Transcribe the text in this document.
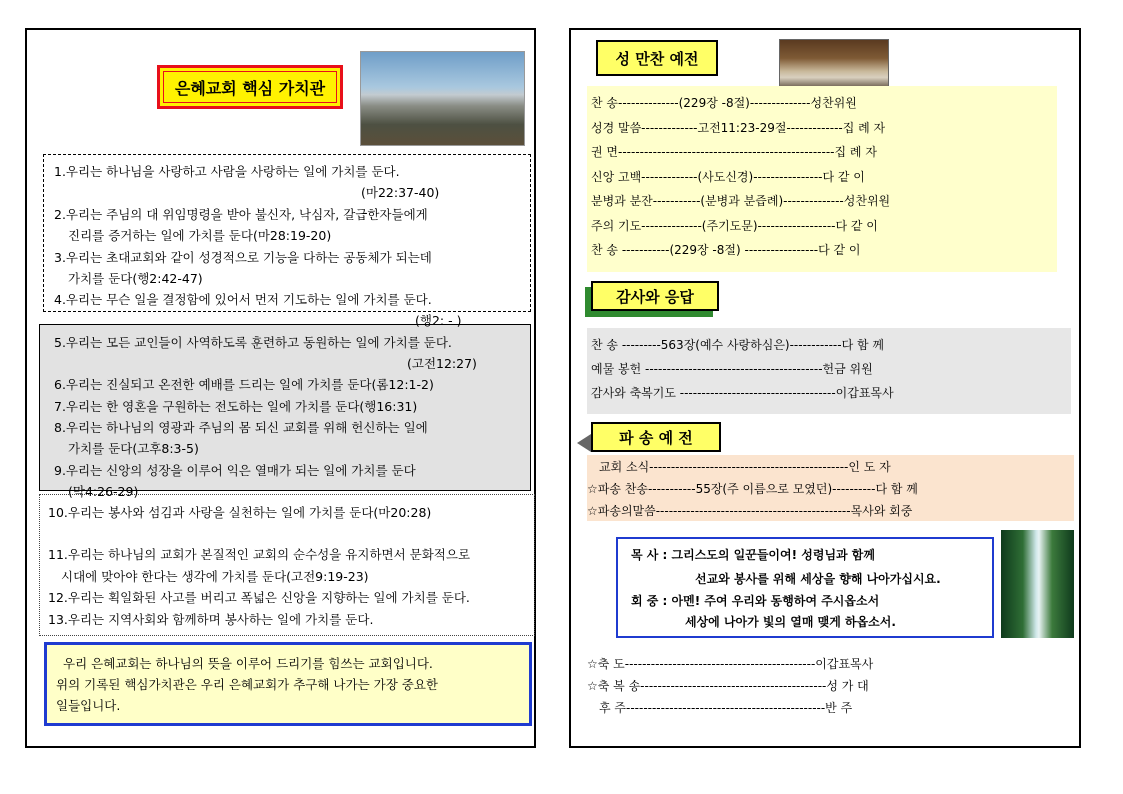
은혜교회 핵심 가치관
1.우리는 하나님을 사랑하고 사람을 사랑하는 일에 가치를 둔다.
(마22:37-40)
2.우리는 주님의 대 위임명령을 받아 불신자, 낙심자, 갈급한자들에게
진리를 증거하는 일에 가치를 둔다(마28:19-20)
3.우리는 초대교회와 같이 성경적으로 기능을 다하는 공동체가 되는데
가치를 둔다(행2:42-47)
4.우리는 무슨 일을 결정함에 있어서 먼저 기도하는 일에 가치를 둔다.
(행2: - )
5.우리는 모든 교인들이 사역하도록 훈련하고 동원하는 일에 가치를 둔다.
(고전12:27)
6.우리는 진실되고 온전한 예배를 드리는 일에 가치를 둔다(롬12:1-2)
7.우리는 한 영혼을 구원하는 전도하는 일에 가치를 둔다(행16:31)
8.우리는 하나님의 영광과 주님의 몸 되신 교회를 위해 헌신하는 일에
가치를 둔다(고후8:3-5)
9.우리는 신앙의 성장을 이루어 익은 열매가 되는 일에 가치를 둔다
(막4:26-29)
10.우리는 봉사와 섬김과 사랑을 실천하는 일에 가치를 둔다(마20:28)
11.우리는 하나님의 교회가 본질적인 교회의 순수성을 유지하면서 문화적으로
시대에 맞아야 한다는 생각에 가치를 둔다(고전9:19-23)
12.우리는 획일화된 사고를 버리고 폭넓은 신앙을 지향하는 일에 가치를 둔다.
13.우리는 지역사회와 함께하며 봉사하는 일에 가치를 둔다.
우리 은혜교회는 하나님의 뜻을 이루어 드리기를 힘쓰는 교회입니다.
위의 기록된 핵심가치관은 우리 은혜교회가 추구해 나가는 가장 중요한
일들입니다.
성 만찬 예전
찬 송--------------(229장 -8절)--------------성찬위원
성경 말씀-------------고전11:23-29절-------------집 례 자
권 면--------------------------------------------------집 례 자
신앙 고백-------------(사도신경)----------------다 같 이
분병과 분잔-----------(분병과 분즙례)--------------성찬위원
주의 기도--------------(주기도문)------------------다 같 이
찬 송 -----------(229장 -8절) -----------------다 같 이
감사와 응답
찬 송 ---------563장(예수 사랑하심은)------------다 함 께
예물 봉헌 -----------------------------------------헌금 위원
감사와 축복기도 ------------------------------------이갑표목사
파 송 예 전
교회 소식----------------------------------------------인 도 자
☆파송 찬송-----------55장(주 이름으로 모였던)----------다 함 께
☆파송의말씀---------------------------------------------목사와 회중
목 사 : 그리스도의 일꾼들이여! 성령님과 함께
선교와 봉사를 위해 세상을 향해 나아가십시요.
회 중 : 아멘! 주여 우리와 동행하여 주시옵소서
세상에 나아가 빛의 열매 맺게 하옵소서.
☆축 도--------------------------------------------이갑표목사
☆축 복 송-------------------------------------------성 가 대
후 주----------------------------------------------반 주
